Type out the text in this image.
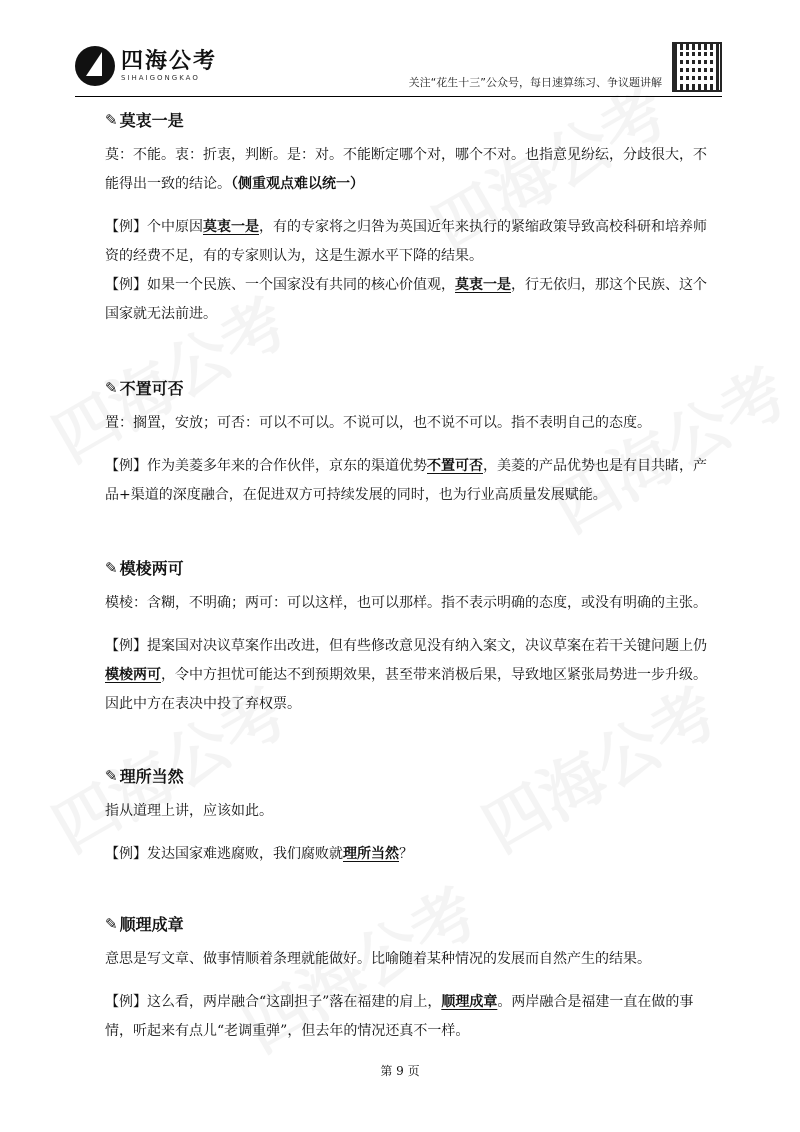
四海公考
SIHAIGONGKAO	关注“花生十三”公众号，每日速算练习、争议题讲解
✎ 莫衷一是

莫：不能。衷：折衷，判断。是：对。不能断定哪个对，哪个不对。也指意见纷纭，分歧很大，不能得出一致的结论。（侧重观点难以统一）

【例】个中原因莫衷一是，有的专家将之归咎为英国近年来执行的紧缩政策导致高校科研和培养师资的经费不足，有的专家则认为，这是生源水平下降的结果。

【例】如果一个民族、一个国家没有共同的核心价值观，莫衷一是，行无依归，那这个民族、这个国家就无法前进。

✎ 不置可否

置：搁置，安放；可否：可以不可以。不说可以，也不说不可以。指不表明自己的态度。

【例】作为美菱多年来的合作伙伴，京东的渠道优势不置可否，美菱的产品优势也是有目共睹，产品+渠道的深度融合，在促进双方可持续发展的同时，也为行业高质量发展赋能。

✎ 模棱两可

模棱：含糊，不明确；两可：可以这样，也可以那样。指不表示明确的态度，或没有明确的主张。

【例】提案国对决议草案作出改进，但有些修改意见没有纳入案文，决议草案在若干关键问题上仍模棱两可，令中方担忧可能达不到预期效果，甚至带来消极后果，导致地区紧张局势进一步升级。因此中方在表决中投了弃权票。

✎ 理所当然

指从道理上讲，应该如此。

【例】发达国家难逃腐败，我们腐败就理所当然？

✎ 顺理成章

意思是写文章、做事情顺着条理就能做好。比喻随着某种情况的发展而自然产生的结果。

【例】这么看，两岸融合“这副担子”落在福建的肩上，顺理成章。两岸融合是福建一直在做的事情，听起来有点儿“老调重弹”，但去年的情况还真不一样。

第 9 页
